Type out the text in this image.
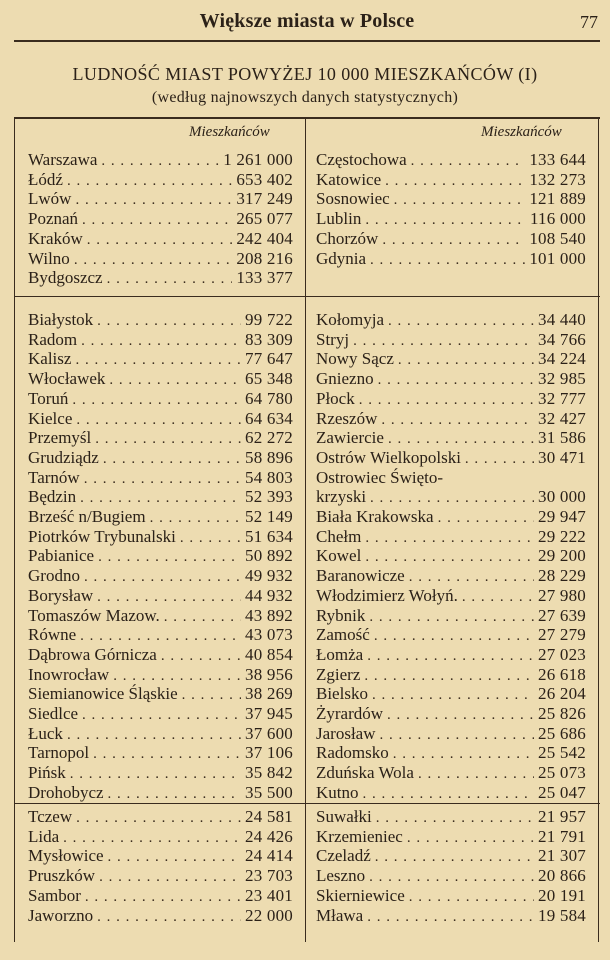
Większe miasta w Polsce	77
LUDNOŚĆ MIAST POWYŻEJ 10 000 MIESZKAŃCÓW (I)
(według najnowszych danych statystycznych)
Mieszkańców	Mieszkańców
Warszawa . . .	1 261 000
Łódź . . .	653 402
Lwów . . .	317 249
Poznań . . .	265 077
Kraków . . .	242 404
Wilno . . .	208 216
Bydgoszcz . . .	133 377
Częstochowa . . .	133 644
Katowice . . .	132 273
Sosnowiec . . .	121 889
Lublin . . .	116 000
Chorzów . . .	108 540
Gdynia . . .	101 000
Białystok . . .	99 722
Radom . . .	83 309
Kalisz . . .	77 647
Włocławek . . .	65 348
Toruń . . .	64 780
Kielce . . .	64 634
Przemyśl . . .	62 272
Grudziądz . . .	58 896
Tarnów . . .	54 803
Będzin . . .	52 393
Brześć n/Bugiem . . .	52 149
Piotrków Trybunalski . . .	51 634
Pabianice . . .	50 892
Grodno . . .	49 932
Borysław . . .	44 932
Tomaszów Mazow. . . .	43 892
Równe . . .	43 073
Dąbrowa Górnicza . . .	40 854
Inowrocław . . .	38 956
Siemianowice Śląskie . . .	38 269
Siedlce . . .	37 945
Łuck . . .	37 600
Tarnopol . . .	37 106
Pińsk . . .	35 842
Drohobycz . . .	35 500
Kołomyja . . .	34 440
Stryj . . .	34 766
Nowy Sącz . . .	34 224
Gniezno . . .	32 985
Płock . . .	32 777
Rzeszów . . .	32 427
Zawiercie . . .	31 586
Ostrów Wielkopolski . . .	30 471
Ostrowiec Święto-
krzyski . . .	30 000
Biała Krakowska . . .	29 947
Chełm . . .	29 222
Kowel . . .	29 200
Baranowicze . . .	28 229
Włodzimierz Wołyń. . . .	27 980
Rybnik . . .	27 639
Zamość . . .	27 279
Łomża . . .	27 023
Zgierz . . .	26 618
Bielsko . . .	26 204
Żyrardów . . .	25 826
Jarosław . . .	25 686
Radomsko . . .	25 542
Zduńska Wola . . .	25 073
Kutno . . .	25 047
Tczew . . .	24 581
Lida . . .	24 426
Mysłowice . . .	24 414
Pruszków . . .	23 703
Sambor . . .	23 401
Jaworzno . . .	22 000
Suwałki . . .	21 957
Krzemieniec . . .	21 791
Czeladź . . .	21 307
Leszno . . .	20 866
Skierniewice . . .	20 191
Mława . . .	19 584
